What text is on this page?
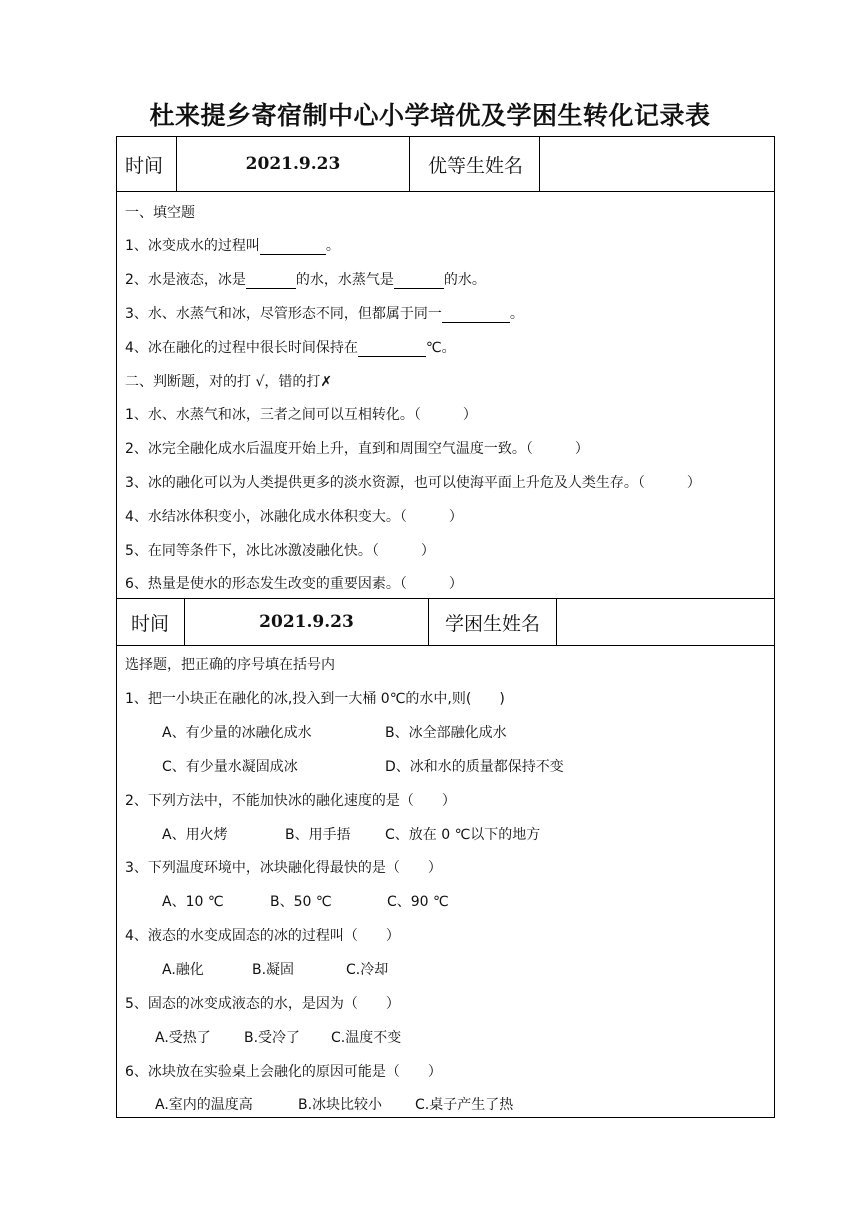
杜来提乡寄宿制中心小学培优及学困生转化记录表
时间	2021.9.23	优等生姓名
一、填空题
1、冰变成水的过程叫	。
2、水是液态，冰是	的水，水蒸气是	的水。
3、水、水蒸气和冰，尽管形态不同，但都属于同一	。
4、冰在融化的过程中很长时间保持在	℃。
二、判断题，对的打 √，错的打✗
1、水、水蒸气和冰，三者之间可以互相转化。（　　　）
2、冰完全融化成水后温度开始上升，直到和周围空气温度一致。（　　　）
3、冰的融化可以为人类提供更多的淡水资源，也可以使海平面上升危及人类生存。（　　　）
4、水结冰体积变小，冰融化成水体积变大。（　　　）
5、在同等条件下，冰比冰激凌融化快。（　　　）
6、热量是使水的形态发生改变的重要因素。（　　　）
时间	2021.9.23	学困生姓名
选择题，把正确的序号填在括号内
1、把一小块正在融化的冰,投入到一大桶 0℃的水中,则(　　)
A、有少量的冰融化成水	B、冰全部融化成水
C、有少量水凝固成冰	D、冰和水的质量都保持不变
2、下列方法中，不能加快冰的融化速度的是（　　）
A、用火烤	B、用手捂 C、放在 0 ℃以下的地方
3、下列温度环境中，冰块融化得最快的是（　　）
A、10 ℃	B、50 ℃	C、90 ℃
4、液态的水变成固态的冰的过程叫（　　）
A.融化	B.凝固	C.冷却
5、固态的冰变成液态的水，是因为（　　）
A.受热了 B.受冷了 C.温度不变
6、冰块放在实验桌上会融化的原因可能是（　　）
A.室内的温度高	B.冰块比较小 C.桌子产生了热
